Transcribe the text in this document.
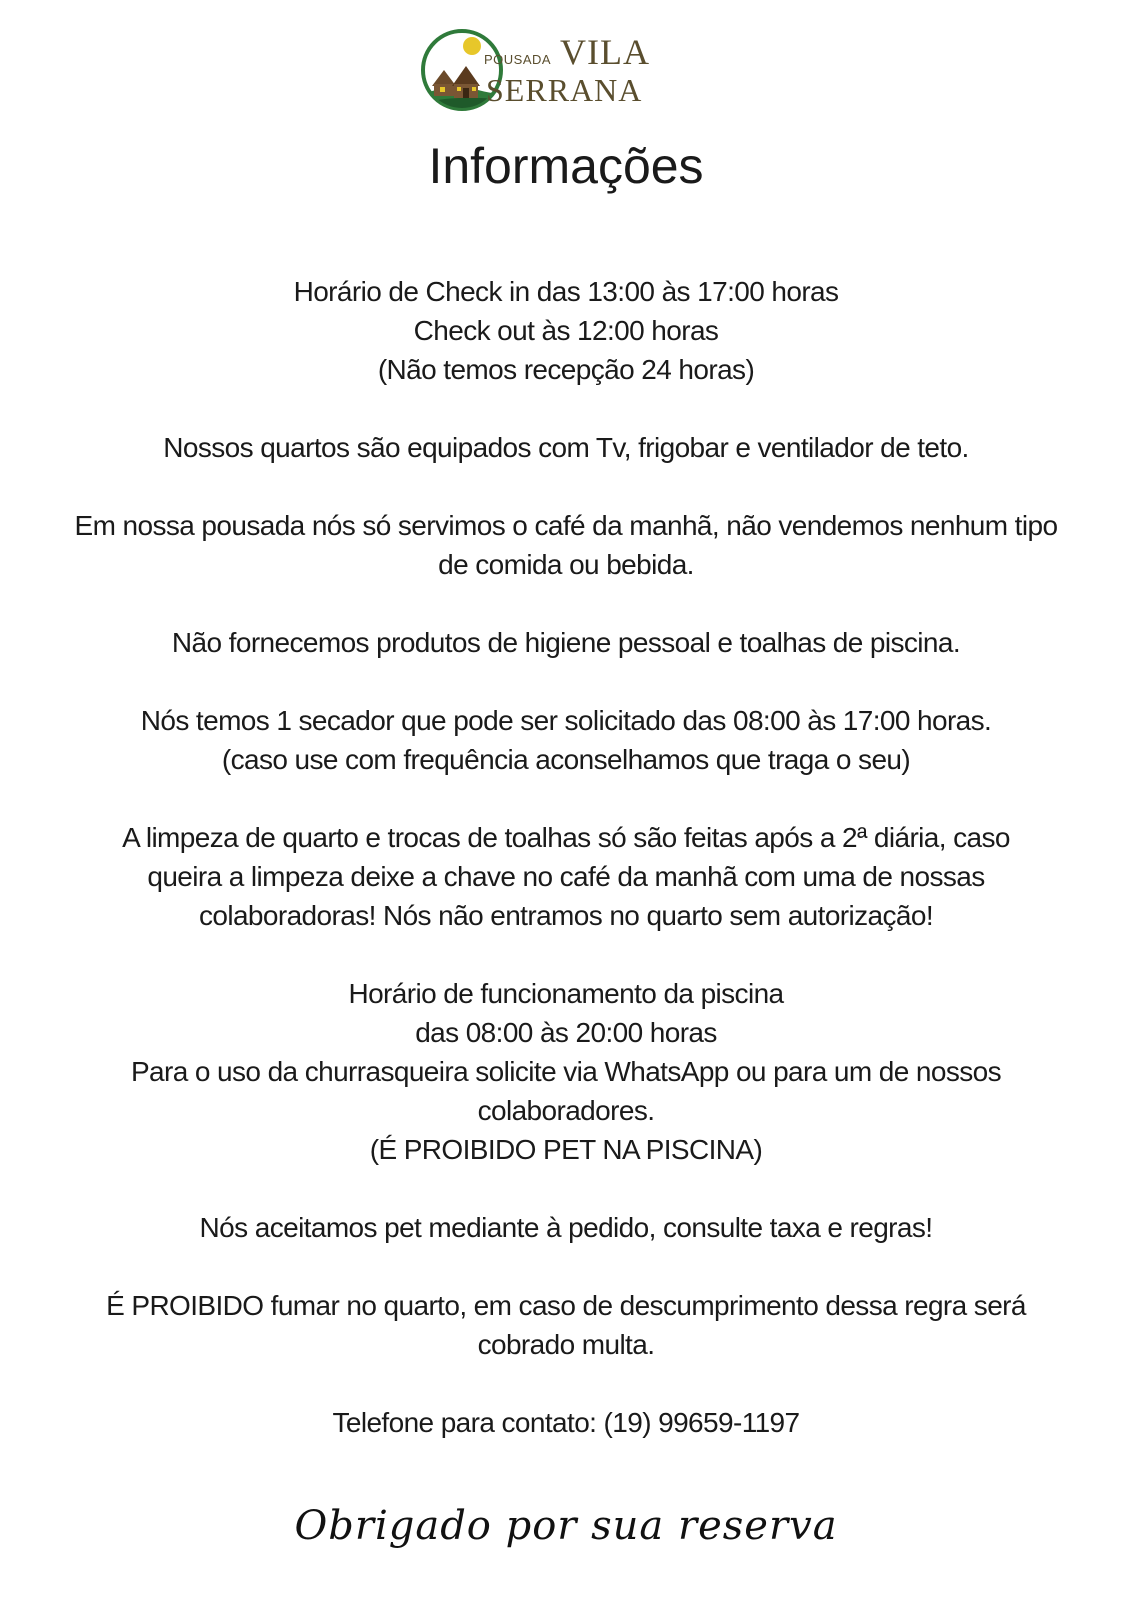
POUSADA VILA
SERRANA
Informações

Horário de Check in das 13:00 às 17:00 horas

Check out às 12:00 horas

(Não temos recepção 24 horas)

Nossos quartos são equipados com Tv, frigobar e ventilador de teto.

Em nossa pousada nós só servimos o café da manhã, não vendemos nenhum tipo

de comida ou bebida.

Não fornecemos produtos de higiene pessoal e toalhas de piscina.

Nós temos 1 secador que pode ser solicitado das 08:00 às 17:00 horas.

(caso use com frequência aconselhamos que traga o seu)

A limpeza de quarto e trocas de toalhas só são feitas após a 2ª diária, caso

queira a limpeza deixe a chave no café da manhã com uma de nossas

colaboradoras! Nós não entramos no quarto sem autorização!

Horário de funcionamento da piscina

das 08:00 às 20:00 horas

Para o uso da churrasqueira solicite via WhatsApp ou para um de nossos

colaboradores.

(É PROIBIDO PET NA PISCINA)

Nós aceitamos pet mediante à pedido, consulte taxa e regras!

É PROIBIDO fumar no quarto, em caso de descumprimento dessa regra será

cobrado multa.

Telefone para contato: (19) 99659-1197

Obrigado por sua reserva
